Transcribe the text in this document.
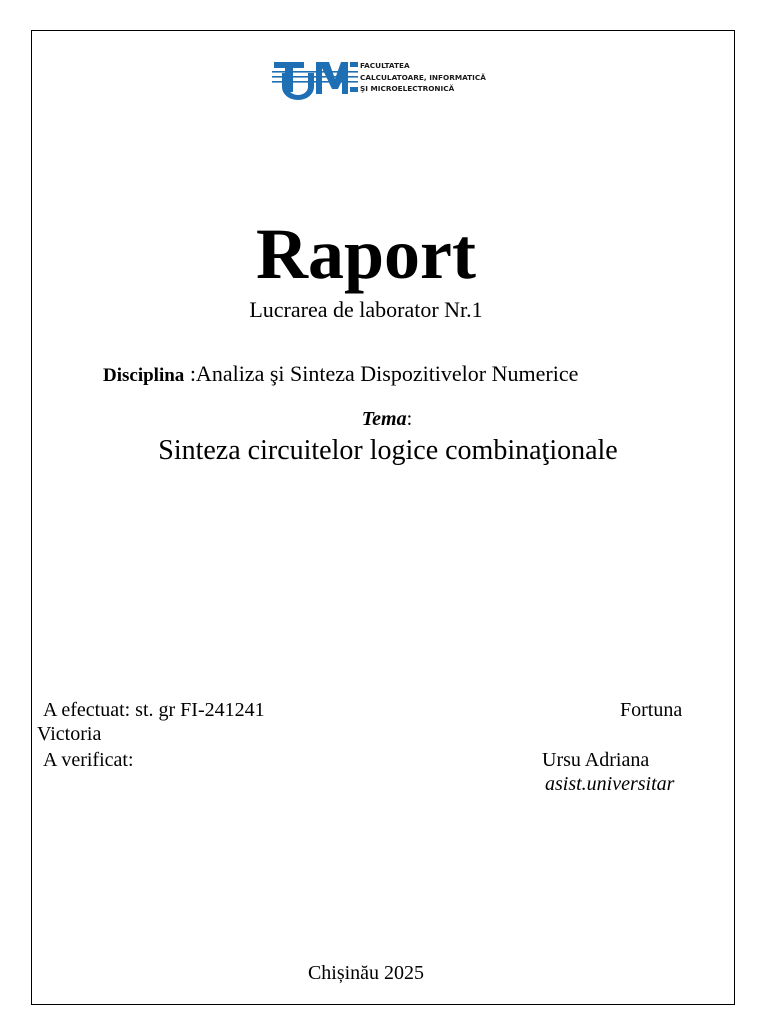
FACULTATEA
CALCULATOARE, INFORMATICĂ
ŞI MICROELECTRONICĂ
Raport
Lucrarea de laborator Nr.1
Disciplina :Analiza şi Sinteza Dispozitivelor Numerice
Tema:
Sinteza circuitelor logice combinaţionale
A efectuat: st. gr FI-241241	Fortuna
Victoria
A verificat:	Ursu Adriana
asist.universitar
Chișinău 2025
